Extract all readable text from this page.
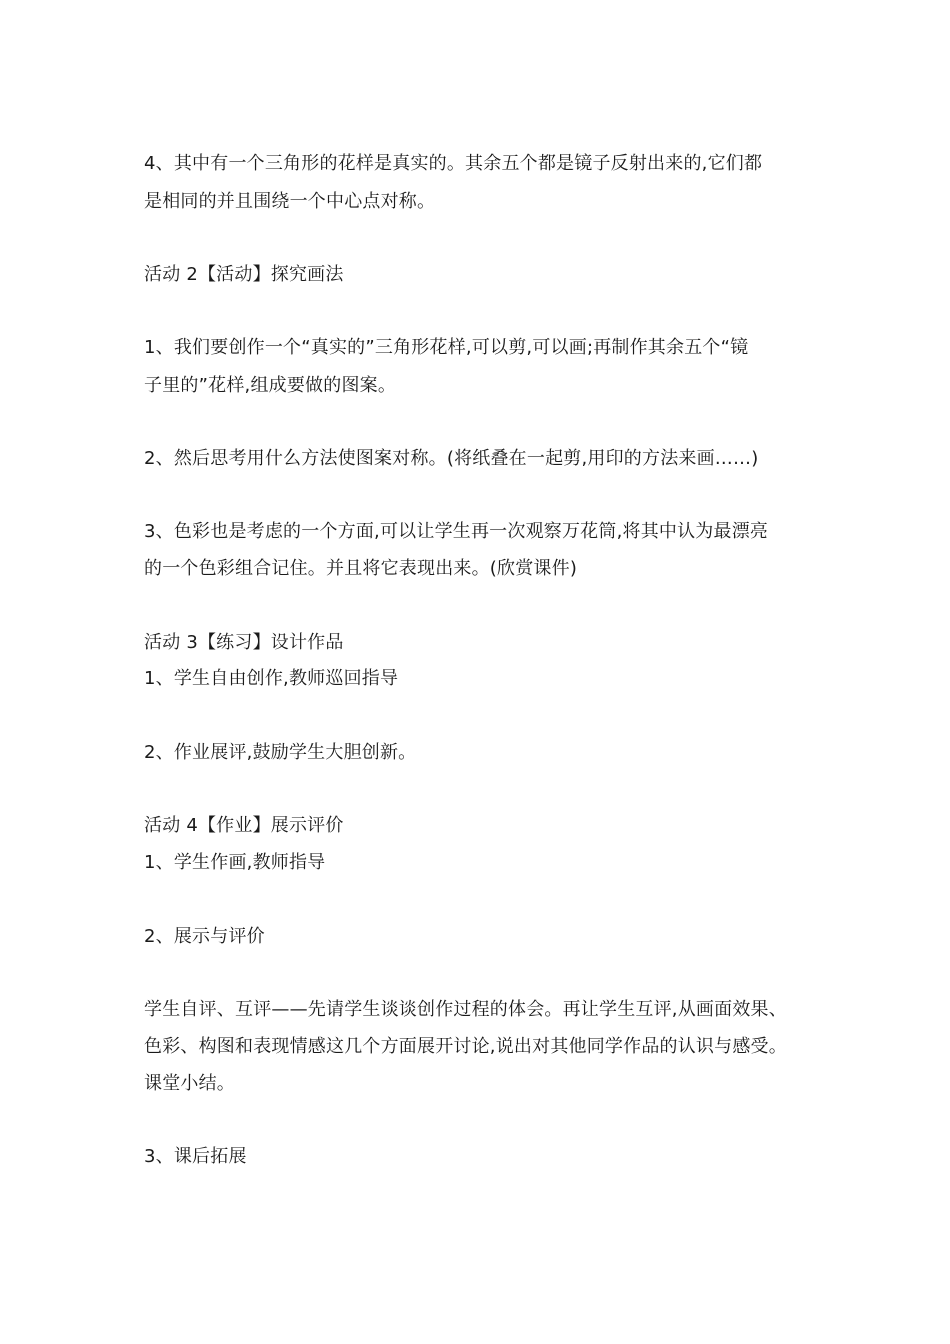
4、其中有一个三角形的花样是真实的。其余五个都是镜子反射出来的,它们都
是相同的并且围绕一个中心点对称。
活动 2【活动】探究画法
1、我们要创作一个“真实的”三角形花样,可以剪,可以画;再制作其余五个“镜
子里的”花样,组成要做的图案。
2、然后思考用什么方法使图案对称。(将纸叠在一起剪,用印的方法来画……)
3、色彩也是考虑的一个方面,可以让学生再一次观察万花筒,将其中认为最漂亮
的一个色彩组合记住。并且将它表现出来。(欣赏课件)
活动 3【练习】设计作品
1、学生自由创作,教师巡回指导
2、作业展评,鼓励学生大胆创新。
活动 4【作业】展示评价
1、学生作画,教师指导
2、展示与评价
学生自评、互评——先请学生谈谈创作过程的体会。再让学生互评,从画面效果、
色彩、构图和表现情感这几个方面展开讨论,说出对其他同学作品的认识与感受。
课堂小结。
3、课后拓展
